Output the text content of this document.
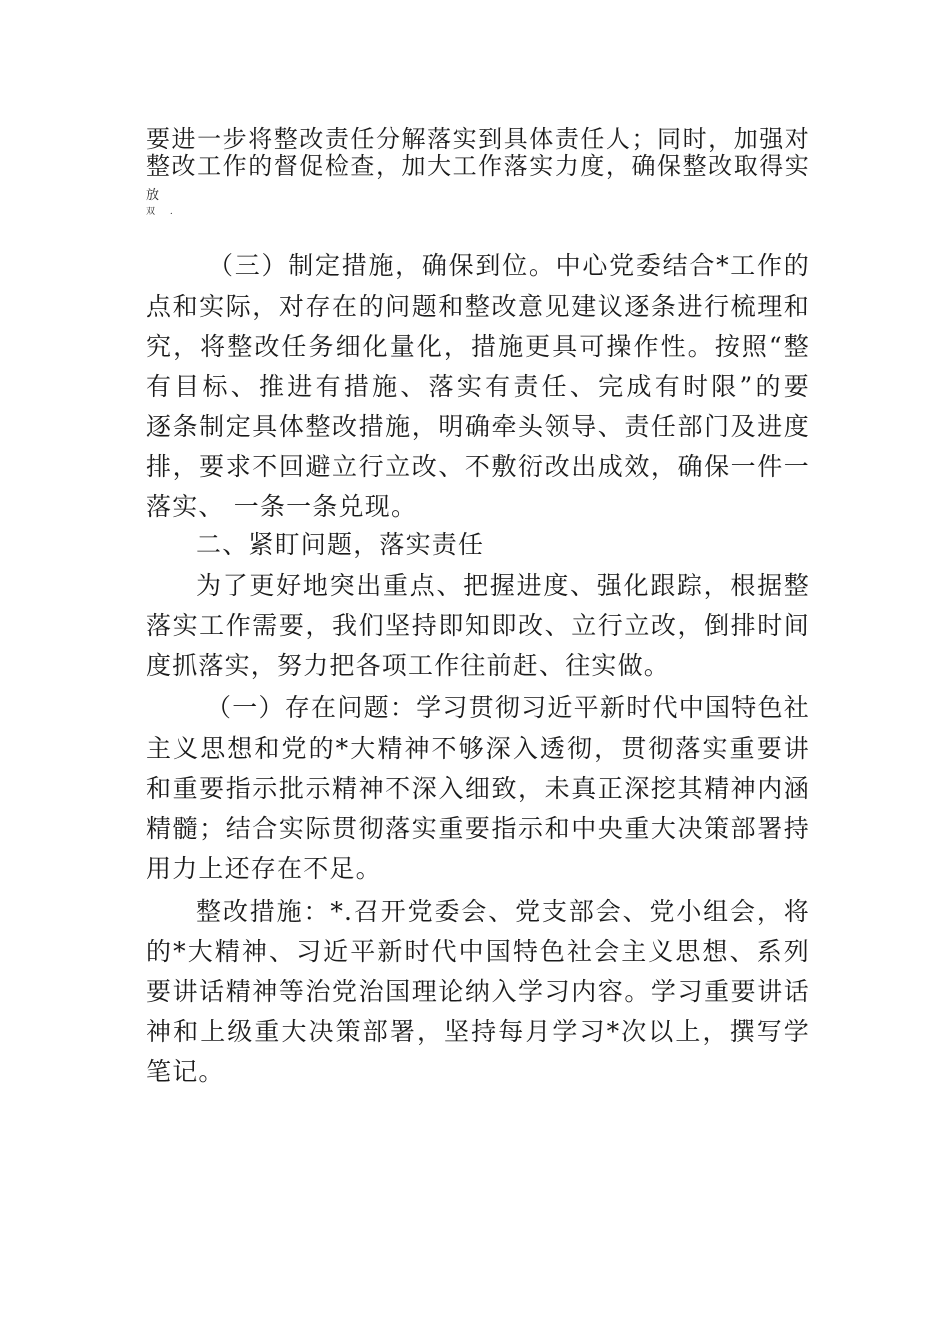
要进一步将整改责任分解落实到具体责任人；同时，加强对
整改工作的督促检查，加大工作落实力度，确保整改取得实
放
双 .
（三）制定措施，确保到位。中心党委结合*工作的
点和实际，对存在的问题和整改意见建议逐条进行梳理和
究，将整改任务细化量化，措施更具可操作性。按照“整
有目标、推进有措施、落实有责任、完成有时限”的要
逐条制定具体整改措施，明确牵头领导、责任部门及进度
排，要求不回避立行立改、不敷衍改出成效，确保一件一
落实、 一条一条兑现。
二、紧盯问题，落实责任
为了更好地突出重点、把握进度、强化跟踪，根据整
落实工作需要，我们坚持即知即改、立行立改，倒排时间
度抓落实，努力把各项工作往前赶、往实做。
（一）存在问题：学习贯彻习近平新时代中国特色社
主义思想和党的*大精神不够深入透彻，贯彻落实重要讲
和重要指示批示精神不深入细致，未真正深挖其精神内涵
精髓；结合实际贯彻落实重要指示和中央重大决策部署持
用力上还存在不足。
整改措施：*.召开党委会、党支部会、党小组会，将
的*大精神、习近平新时代中国特色社会主义思想、系列
要讲话精神等治党治国理论纳入学习内容。学习重要讲话
神和上级重大决策部署，坚持每月学习*次以上，撰写学
笔记。
